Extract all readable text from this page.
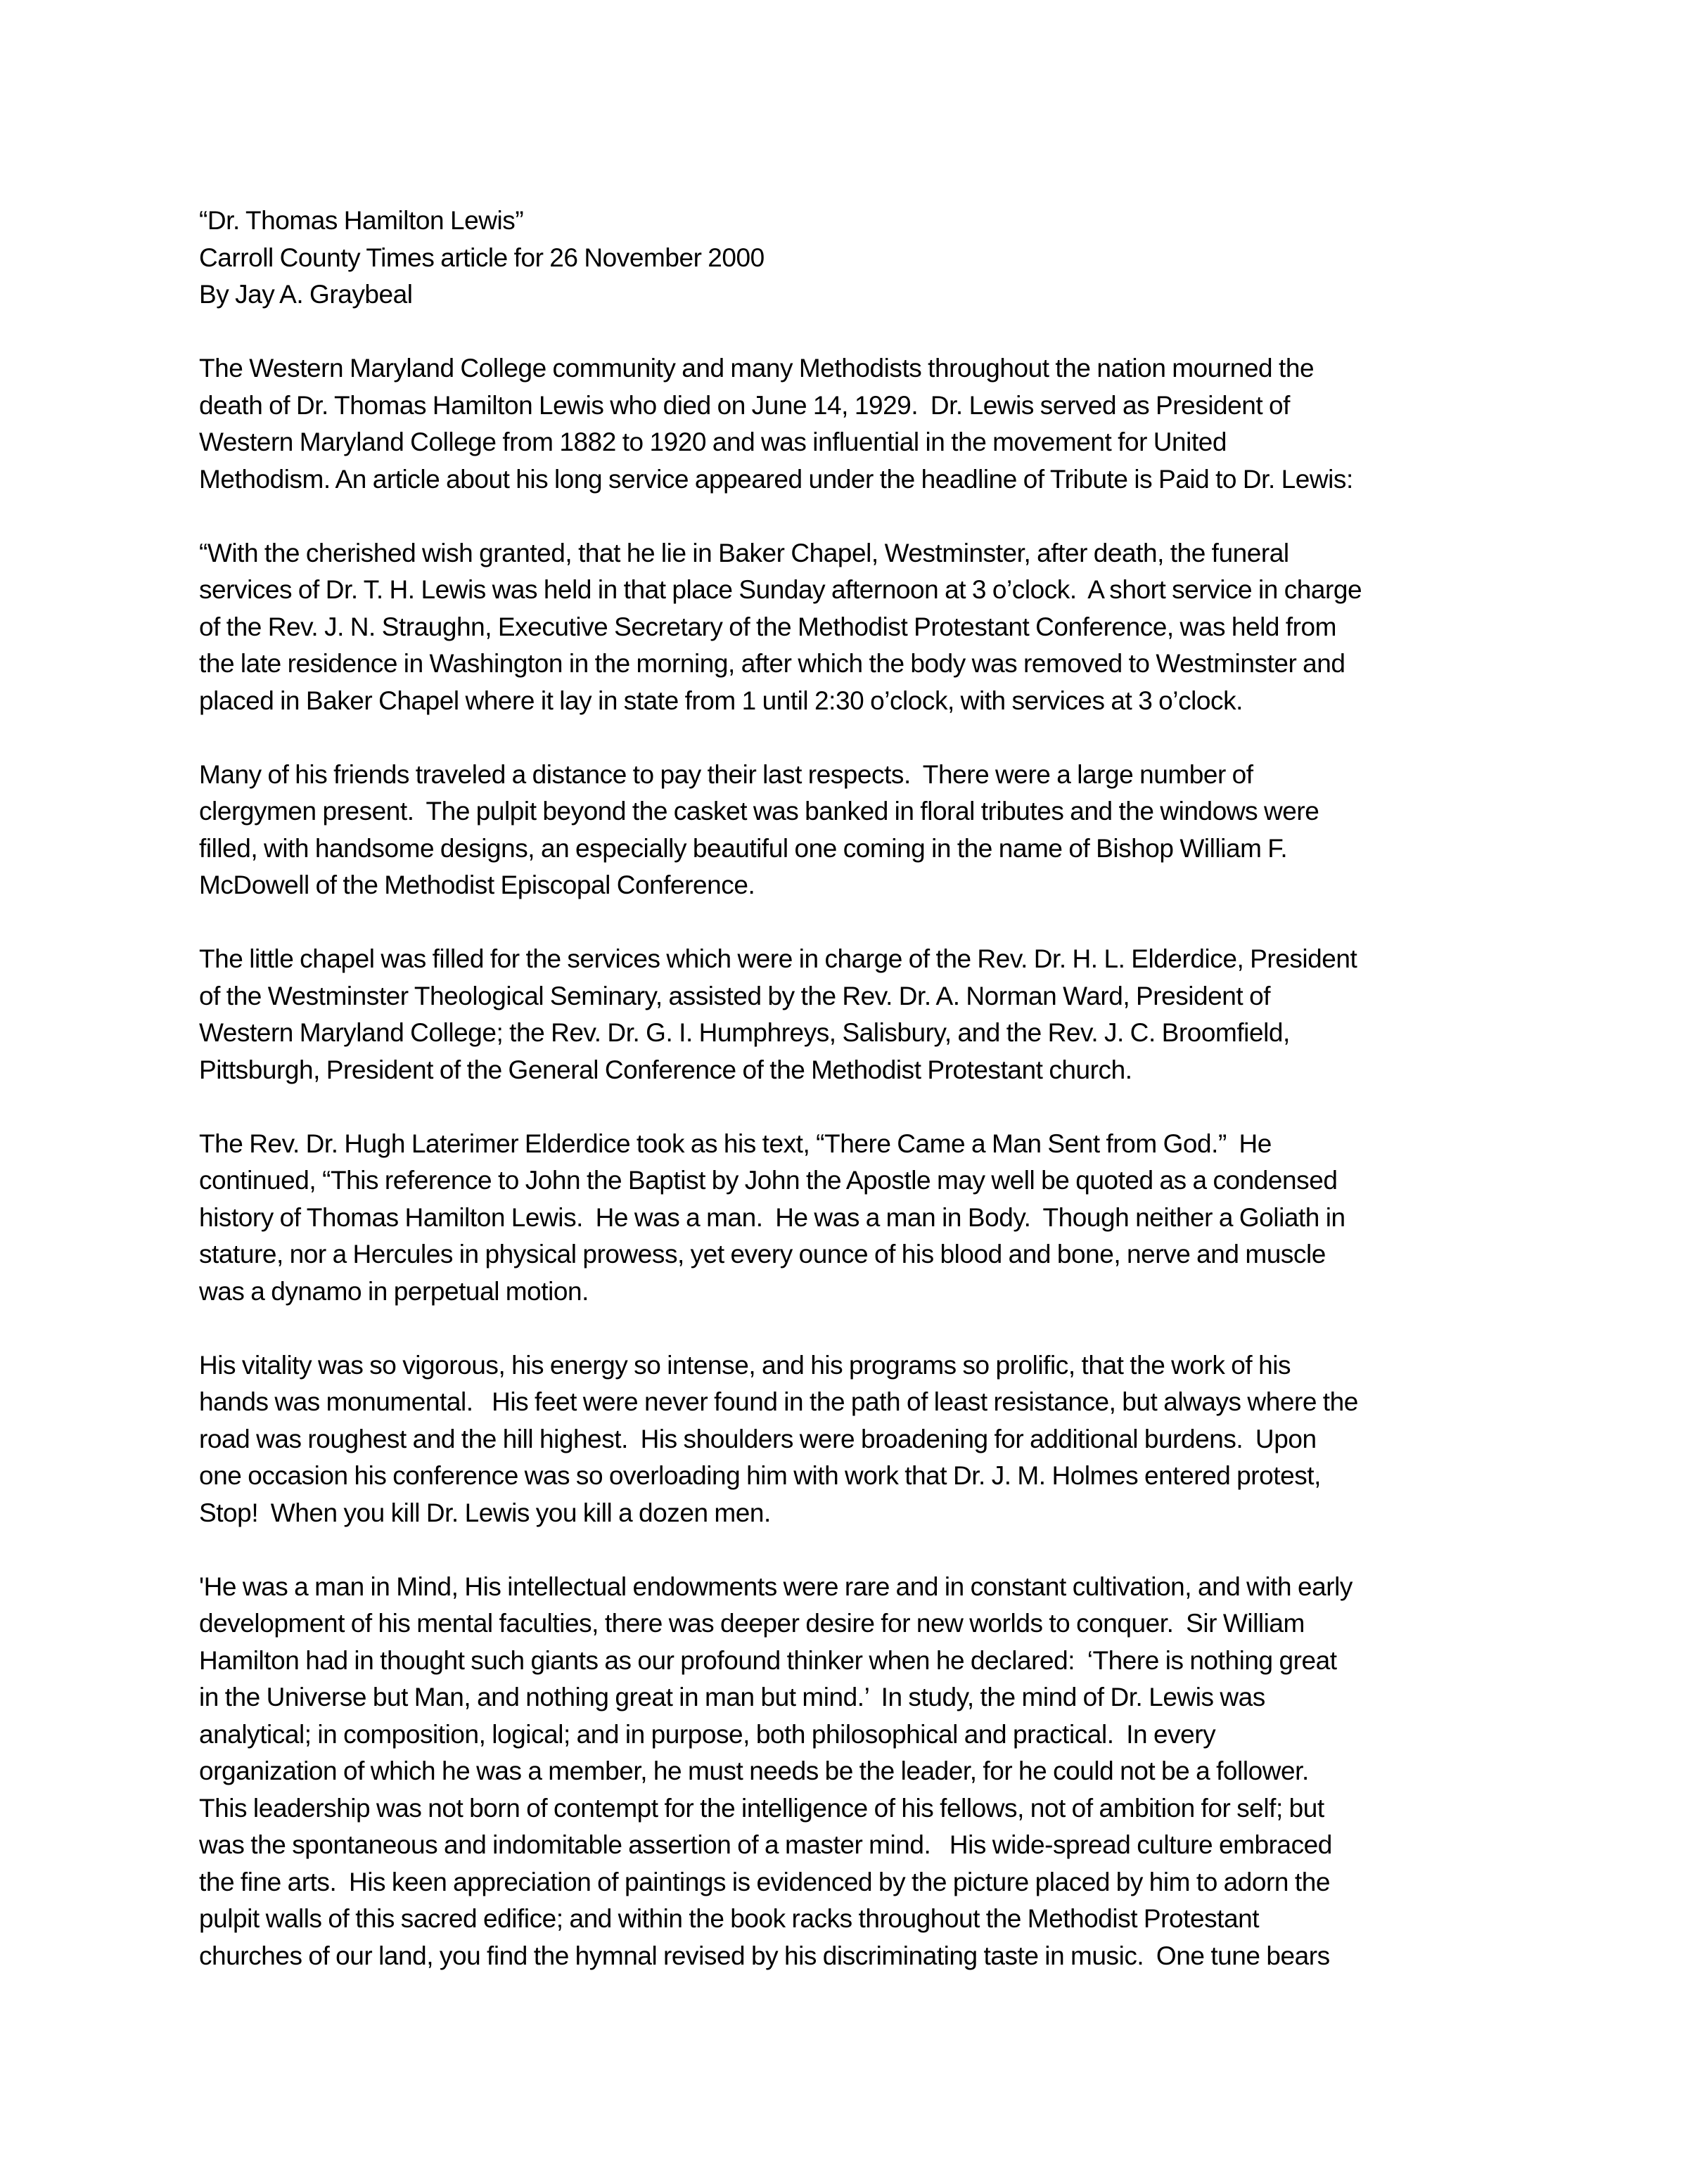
“Dr. Thomas Hamilton Lewis”
Carroll County Times article for 26 November 2000
By Jay A. Graybeal
The Western Maryland College community and many Methodists throughout the nation mourned the
death of Dr. Thomas Hamilton Lewis who died on June 14, 1929.  Dr. Lewis served as President of
Western Maryland College from 1882 to 1920 and was influential in the movement for United
Methodism. An article about his long service appeared under the headline of Tribute is Paid to Dr. Lewis:
“With the cherished wish granted, that he lie in Baker Chapel, Westminster, after death, the funeral
services of Dr. T. H. Lewis was held in that place Sunday afternoon at 3 o’clock.  A short service in charge
of the Rev. J. N. Straughn, Executive Secretary of the Methodist Protestant Conference, was held from
the late residence in Washington in the morning, after which the body was removed to Westminster and
placed in Baker Chapel where it lay in state from 1 until 2:30 o’clock, with services at 3 o’clock.
Many of his friends traveled a distance to pay their last respects.  There were a large number of
clergymen present.  The pulpit beyond the casket was banked in floral tributes and the windows were
filled, with handsome designs, an especially beautiful one coming in the name of Bishop William F.
McDowell of the Methodist Episcopal Conference.
The little chapel was filled for the services which were in charge of the Rev. Dr. H. L. Elderdice, President
of the Westminster Theological Seminary, assisted by the Rev. Dr. A. Norman Ward, President of
Western Maryland College; the Rev. Dr. G. I. Humphreys, Salisbury, and the Rev. J. C. Broomfield,
Pittsburgh, President of the General Conference of the Methodist Protestant church.
The Rev. Dr. Hugh Laterimer Elderdice took as his text, “There Came a Man Sent from God.”  He
continued, “This reference to John the Baptist by John the Apostle may well be quoted as a condensed
history of Thomas Hamilton Lewis.  He was a man.  He was a man in Body.  Though neither a Goliath in
stature, nor a Hercules in physical prowess, yet every ounce of his blood and bone, nerve and muscle
was a dynamo in perpetual motion.
His vitality was so vigorous, his energy so intense, and his programs so prolific, that the work of his
hands was monumental.   His feet were never found in the path of least resistance, but always where the
road was roughest and the hill highest.  His shoulders were broadening for additional burdens.  Upon
one occasion his conference was so overloading him with work that Dr. J. M. Holmes entered protest,
Stop!  When you kill Dr. Lewis you kill a dozen men.
'He was a man in Mind, His intellectual endowments were rare and in constant cultivation, and with early
development of his mental faculties, there was deeper desire for new worlds to conquer.  Sir William
Hamilton had in thought such giants as our profound thinker when he declared:  ‘There is nothing great
in the Universe but Man, and nothing great in man but mind.’  In study, the mind of Dr. Lewis was
analytical; in composition, logical; and in purpose, both philosophical and practical.  In every
organization of which he was a member, he must needs be the leader, for he could not be a follower.
This leadership was not born of contempt for the intelligence of his fellows, not of ambition for self; but
was the spontaneous and indomitable assertion of a master mind.   His wide-spread culture embraced
the fine arts.  His keen appreciation of paintings is evidenced by the picture placed by him to adorn the
pulpit walls of this sacred edifice; and within the book racks throughout the Methodist Protestant
churches of our land, you find the hymnal revised by his discriminating taste in music.  One tune bears
